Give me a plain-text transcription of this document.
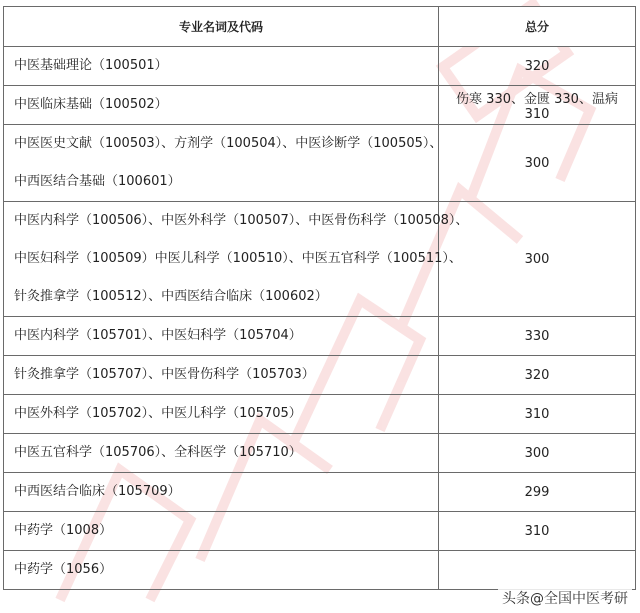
专业名词及代码	总分

中医基础理论（100501）	320

中医临床基础（100502）	伤寒 330、金匮 330、温病 310

中医医史文献（100503）、方剂学（100504）、中医诊断学（100505）、
中西医结合基础（100601）	300

中医内科学（100506）、中医外科学（100507）、中医骨伤科学（100508）、
中医妇科学（100509）中医儿科学（100510）、中医五官科学（100511）、
针灸推拿学（100512）、中西医结合临床（100602）	300

中医内科学（105701）、中医妇科学（105704）	330

针灸推拿学（105707）、中医骨伤科学（105703）	320

中医外科学（105702）、中医儿科学（105705）	310

中医五官科学（105706）、全科医学（105710）	300

中西医结合临床（105709）	299

中药学（1008）	310

中药学（1056）	

头条@全国中医考研
